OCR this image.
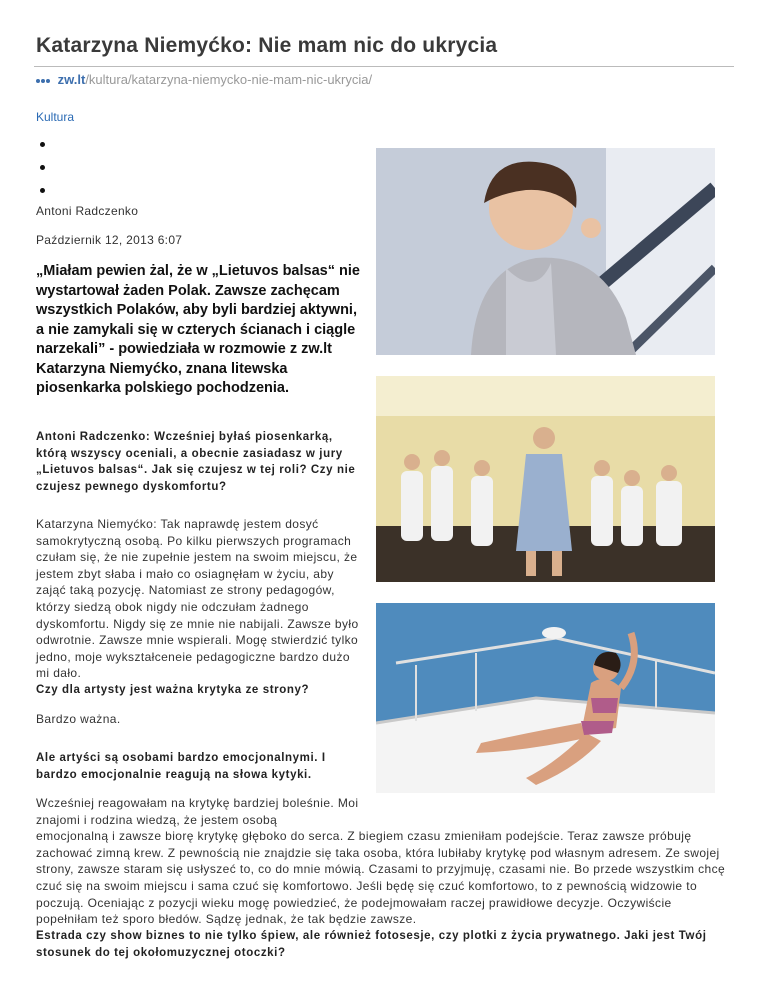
Katarzyna Niemyćko: Nie mam nic do ukrycia
zw.lt/kultura/katarzyna-niemycko-nie-mam-nic-ukrycia/
Kultura
Antoni Radczenko
Październik 12, 2013 6:07

„Miałam pewien żal, że w „Lietuvos balsas“ nie wystartował żaden Polak. Zawsze zachęcam wszystkich Polaków, aby byli bardziej aktywni, a nie zamykali się w czterych ścianach i ciągle narzekali” - powiedziała w rozmowie z zw.lt Katarzyna Niemyćko, znana litewska piosenkarka polskiego pochodzenia.

Antoni Radczenko: Wcześniej byłaś piosenkarką, którą wszyscy oceniali, a obecnie zasiadasz w jury „Lietuvos balsas“. Jak się czujesz w tej roli? Czy nie czujesz pewnego dyskomfortu?

Katarzyna Niemyćko: Tak naprawdę jestem dosyć samokrytyczną osobą. Po kilku pierwszych programach czułam się, że nie zupełnie jestem na swoim miejscu, że jestem zbyt słaba i mało co osiagnęłam w życiu, aby zająć taką pozycję. Natomiast ze strony pedagogów, którzy siedzą obok nigdy nie odczułam żadnego dyskomfortu. Nigdy się ze mnie nie nabijali. Zawsze było odwrotnie. Zawsze mnie wspierali. Mogę stwierdzić tylko jedno, moje wykształceneie pedagogiczne bardzo dużo mi dało.

Czy dla artysty jest ważna krytyka ze strony?

Bardzo ważna.

Ale artyści są osobami bardzo emocjonalnymi. I bardzo emocjonalnie reagują na słowa kytyki.

Wcześniej reagowałam na krytykę bardziej boleśnie. Moi znajomi i rodzina wiedzą, że jestem osobą
emocjonalną i zawsze biorę krytykę głęboko do serca. Z biegiem czasu zmieniłam podejście. Teraz zawsze próbuję zachować zimną krew. Z pewnością nie znajdzie się taka osoba, która lubiłaby krytykę pod własnym adresem. Ze swojej strony, zawsze staram się usłyszeć to, co do mnie mówią. Czasami to przyjmuję, czasami nie. Bo przede wszystkim chcę czuć się na swoim miejscu i sama czuć się komfortowo. Jeśli będę się czuć komfortowo, to z pewnością widzowie to poczują. Oceniając z pozycji wieku mogę powiedzieć, że podejmowałam raczej prawidłowe decyzje. Oczywiście popełniłam też sporo błedów. Sądzę jednak, że tak będzie zawsze.

Estrada czy show biznes to nie tylko śpiew, ale również fotosesje, czy plotki z życia prywatnego. Jaki jest Twój stosunek do tej okołomuzycznej otoczki?
